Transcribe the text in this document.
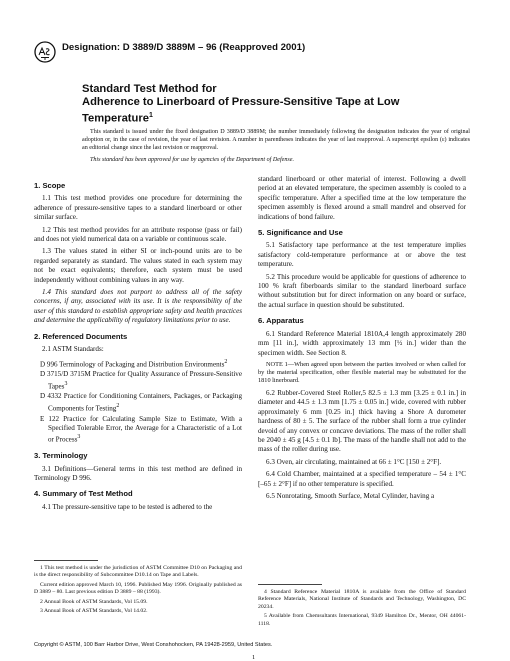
Designation: D 3889/D 3889M – 96 (Reapproved 2001)
Standard Test Method for
Adherence to Linerboard of Pressure-Sensitive Tape at Low Temperature$^1$

This standard is issued under the fixed designation D 3889/D 3889M; the number immediately following the designation indicates the year of original adoption or, in the case of revision, the year of last revision. A number in parentheses indicates the year of last reapproval. A superscript epsilon (ε) indicates an editorial change since the last revision or reapproval.

This standard has been approved for use by agencies of the Department of Defense.

1. Scope

1.1 This test method provides one procedure for determining the adherence of pressure-sensitive tapes to a standard linerboard or other similar surface.

1.2 This test method provides for an attribute response (pass or fail) and does not yield numerical data on a variable or continuous scale.

1.3 The values stated in either SI or inch-pound units are to be regarded separately as standard. The values stated in each system may not be exact equivalents; therefore, each system must be used independently without combining values in any way.

1.4 This standard does not purport to address all of the safety concerns, if any, associated with its use. It is the responsibility of the user of this standard to establish appropriate safety and health practices and determine the applicability of regulatory limitations prior to use.

2. Referenced Documents

2.1 ASTM Standards:

D 996 Terminology of Packaging and Distribution Environments$^2$
D 3715/D 3715M Practice for Quality Assurance of Pressure-Sensitive Tapes$^3$
D 4332 Practice for Conditioning Containers, Packages, or Packaging Components for Testing$^2$
E 122 Practice for Calculating Sample Size to Estimate, With a Specified Tolerable Error, the Average for a Characteristic of a Lot or Process$^3$
3. Terminology

3.1 Definitions—General terms in this test method are defined in Terminology D 996.

4. Summary of Test Method

4.1 The pressure-sensitive tape to be tested is adhered to the

standard linerboard or other material of interest. Following a dwell period at an elevated temperature, the specimen assembly is cooled to a specific temperature. After a specified time at the low temperature the specimen assembly is flexed around a small mandrel and observed for indications of bond failure.

5. Significance and Use

5.1 Satisfactory tape performance at the test temperature implies satisfactory cold-temperature performance at or above the test temperature.

5.2 This procedure would be applicable for questions of adherence to 100 % kraft fiberboards similar to the standard linerboard surface without substitution but for direct information on any board or surface, the actual surface in question should be substituted.

6. Apparatus

6.1 Standard Reference Material 1810A,4 length approximately 280 mm [11 in.], width approximately 13 mm [½ in.] wider than the specimen width. See Section 8.

NOTE 1—When agreed upon between the parties involved or when called for by the material specification, other flexible material may be substituted for the 1810 linerboard.

6.2 Rubber-Covered Steel Roller,5 82.5 ± 1.3 mm [3.25 ± 0.1 in.] in diameter and 44.5 ± 1.3 mm [1.75 ± 0.05 in.] wide, covered with rubber approximately 6 mm [0.25 in.] thick having a Shore A durometer hardness of 80 ± 5. The surface of the rubber shall form a true cylinder devoid of any convex or concave deviations. The mass of the roller shall be 2040 ± 45 g [4.5 ± 0.1 lb]. The mass of the handle shall not add to the mass of the roller during use.

6.3 Oven, air circulating, maintained at 66 ± 1°C [150 ± 2°F].

6.4 Cold Chamber, maintained at a specified temperature – 54 ± 1°C [–65 ± 2°F] if no other temperature is specified.

6.5 Nonrotating, Smooth Surface, Metal Cylinder, having a

1 This test method is under the jurisdiction of ASTM Committee D10 on Packaging and is the direct responsibility of Subcommittee D10.14 on Tape and Labels.

Current edition approved March 10, 1996. Published May 1996. Originally published as D 3889 – 80. Last previous edition D 3889 – 88 (1993).

2 Annual Book of ASTM Standards, Vol 15.09.

3 Annual Book of ASTM Standards, Vol 14.02.

4 Standard Reference Material 1810A is available from the Office of Standard Reference Materials, National Institute of Standards and Technology, Washington, DC 20234.

5 Available from Chemsultants International, 9349 Hamilton Dr., Mentor, OH 44061-1118.

Copyright © ASTM, 100 Barr Harbor Drive, West Conshohocken, PA 19428-2959, United States.
1
